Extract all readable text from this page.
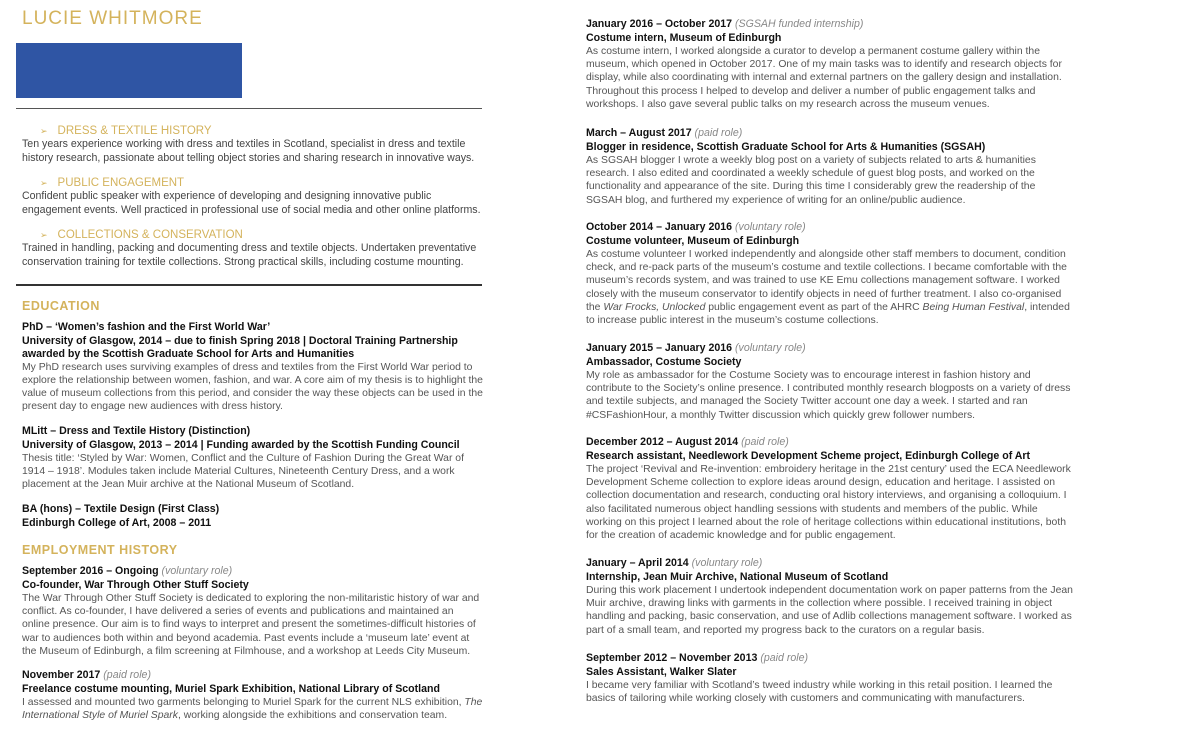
LUCIE WHITMORE
➢ DRESS & TEXTILE HISTORY
Ten years experience working with dress and textiles in Scotland, specialist in dress and textile history research, passionate about telling object stories and sharing research in innovative ways.
➢ PUBLIC ENGAGEMENT
Confident public speaker with experience of developing and designing innovative public engagement events. Well practiced in professional use of social media and other online platforms.
➢ COLLECTIONS & CONSERVATION
Trained in handling, packing and documenting dress and textile objects. Undertaken preventative conservation training for textile collections. Strong practical skills, including costume mounting.
EDUCATION
PhD – ‘Women’s fashion and the First World War’
University of Glasgow, 2014 – due to finish Spring 2018 | Doctoral Training Partnership awarded by the Scottish Graduate School for Arts and Humanities
My PhD research uses surviving examples of dress and textiles from the First World War period to explore the relationship between women, fashion, and war. A core aim of my thesis is to highlight the value of museum collections from this period, and consider the way these objects can be used in the present day to engage new audiences with dress history.
MLitt – Dress and Textile History (Distinction)
University of Glasgow, 2013 – 2014 | Funding awarded by the Scottish Funding Council
Thesis title: ‘Styled by War: Women, Conflict and the Culture of Fashion During the Great War of 1914 – 1918’. Modules taken include Material Cultures, Nineteenth Century Dress, and a work placement at the Jean Muir archive at the National Museum of Scotland.
BA (hons) – Textile Design (First Class)
Edinburgh College of Art, 2008 – 2011
EMPLOYMENT HISTORY
September 2016 – Ongoing (voluntary role)
Co-founder, War Through Other Stuff Society
The War Through Other Stuff Society is dedicated to exploring the non-militaristic history of war and conflict. As co-founder, I have delivered a series of events and publications and maintained an online presence. Our aim is to find ways to interpret and present the sometimes-difficult histories of war to audiences both within and beyond academia. Past events include a ‘museum late’ event at the Museum of Edinburgh, a film screening at Filmhouse, and a workshop at Leeds City Museum.
November 2017 (paid role)
Freelance costume mounting, Muriel Spark Exhibition, National Library of Scotland
I assessed and mounted two garments belonging to Muriel Spark for the current NLS exhibition, The International Style of Muriel Spark, working alongside the exhibitions and conservation team.
January 2016 – October 2017 (SGSAH funded internship)
Costume intern, Museum of Edinburgh
As costume intern, I worked alongside a curator to develop a permanent costume gallery within the museum, which opened in October 2017. One of my main tasks was to identify and research objects for display, while also coordinating with internal and external partners on the gallery design and installation. Throughout this process I helped to develop and deliver a number of public engagement talks and workshops. I also gave several public talks on my research across the museum venues.
March – August 2017 (paid role)
Blogger in residence, Scottish Graduate School for Arts & Humanities (SGSAH)
As SGSAH blogger I wrote a weekly blog post on a variety of subjects related to arts & humanities research. I also edited and coordinated a weekly schedule of guest blog posts, and worked on the functionality and appearance of the site. During this time I considerably grew the readership of the SGSAH blog, and furthered my experience of writing for an online/public audience.
October 2014 – January 2016 (voluntary role)
Costume volunteer, Museum of Edinburgh
As costume volunteer I worked independently and alongside other staff members to document, condition check, and re-pack parts of the museum’s costume and textile collections. I became comfortable with the museum’s records system, and was trained to use KE Emu collections management software. I worked closely with the museum conservator to identify objects in need of further treatment. I also co-organised the War Frocks, Unlocked public engagement event as part of the AHRC Being Human Festival, intended to increase public interest in the museum’s costume collections.
January 2015 – January 2016 (voluntary role)
Ambassador, Costume Society
My role as ambassador for the Costume Society was to encourage interest in fashion history and contribute to the Society’s online presence. I contributed monthly research blogposts on a variety of dress and textile subjects, and managed the Society Twitter account one day a week. I started and ran #CSFashionHour, a monthly Twitter discussion which quickly grew follower numbers.
December 2012 – August 2014 (paid role)
Research assistant, Needlework Development Scheme project, Edinburgh College of Art
The project ‘Revival and Re-invention: embroidery heritage in the 21st century’ used the ECA Needlework Development Scheme collection to explore ideas around design, education and heritage. I assisted on collection documentation and research, conducting oral history interviews, and organising a colloquium. I also facilitated numerous object handling sessions with students and members of the public. While working on this project I learned about the role of heritage collections within educational institutions, both for the creation of academic knowledge and for public engagement.
January – April 2014 (voluntary role)
Internship, Jean Muir Archive, National Museum of Scotland
During this work placement I undertook independent documentation work on paper patterns from the Jean Muir archive, drawing links with garments in the collection where possible. I received training in object handling and packing, basic conservation, and use of Adlib collections management software. I worked as part of a small team, and reported my progress back to the curators on a regular basis.
September 2012 – November 2013 (paid role)
Sales Assistant, Walker Slater
I became very familiar with Scotland’s tweed industry while working in this retail position. I learned the basics of tailoring while working closely with customers and communicating with manufacturers.
